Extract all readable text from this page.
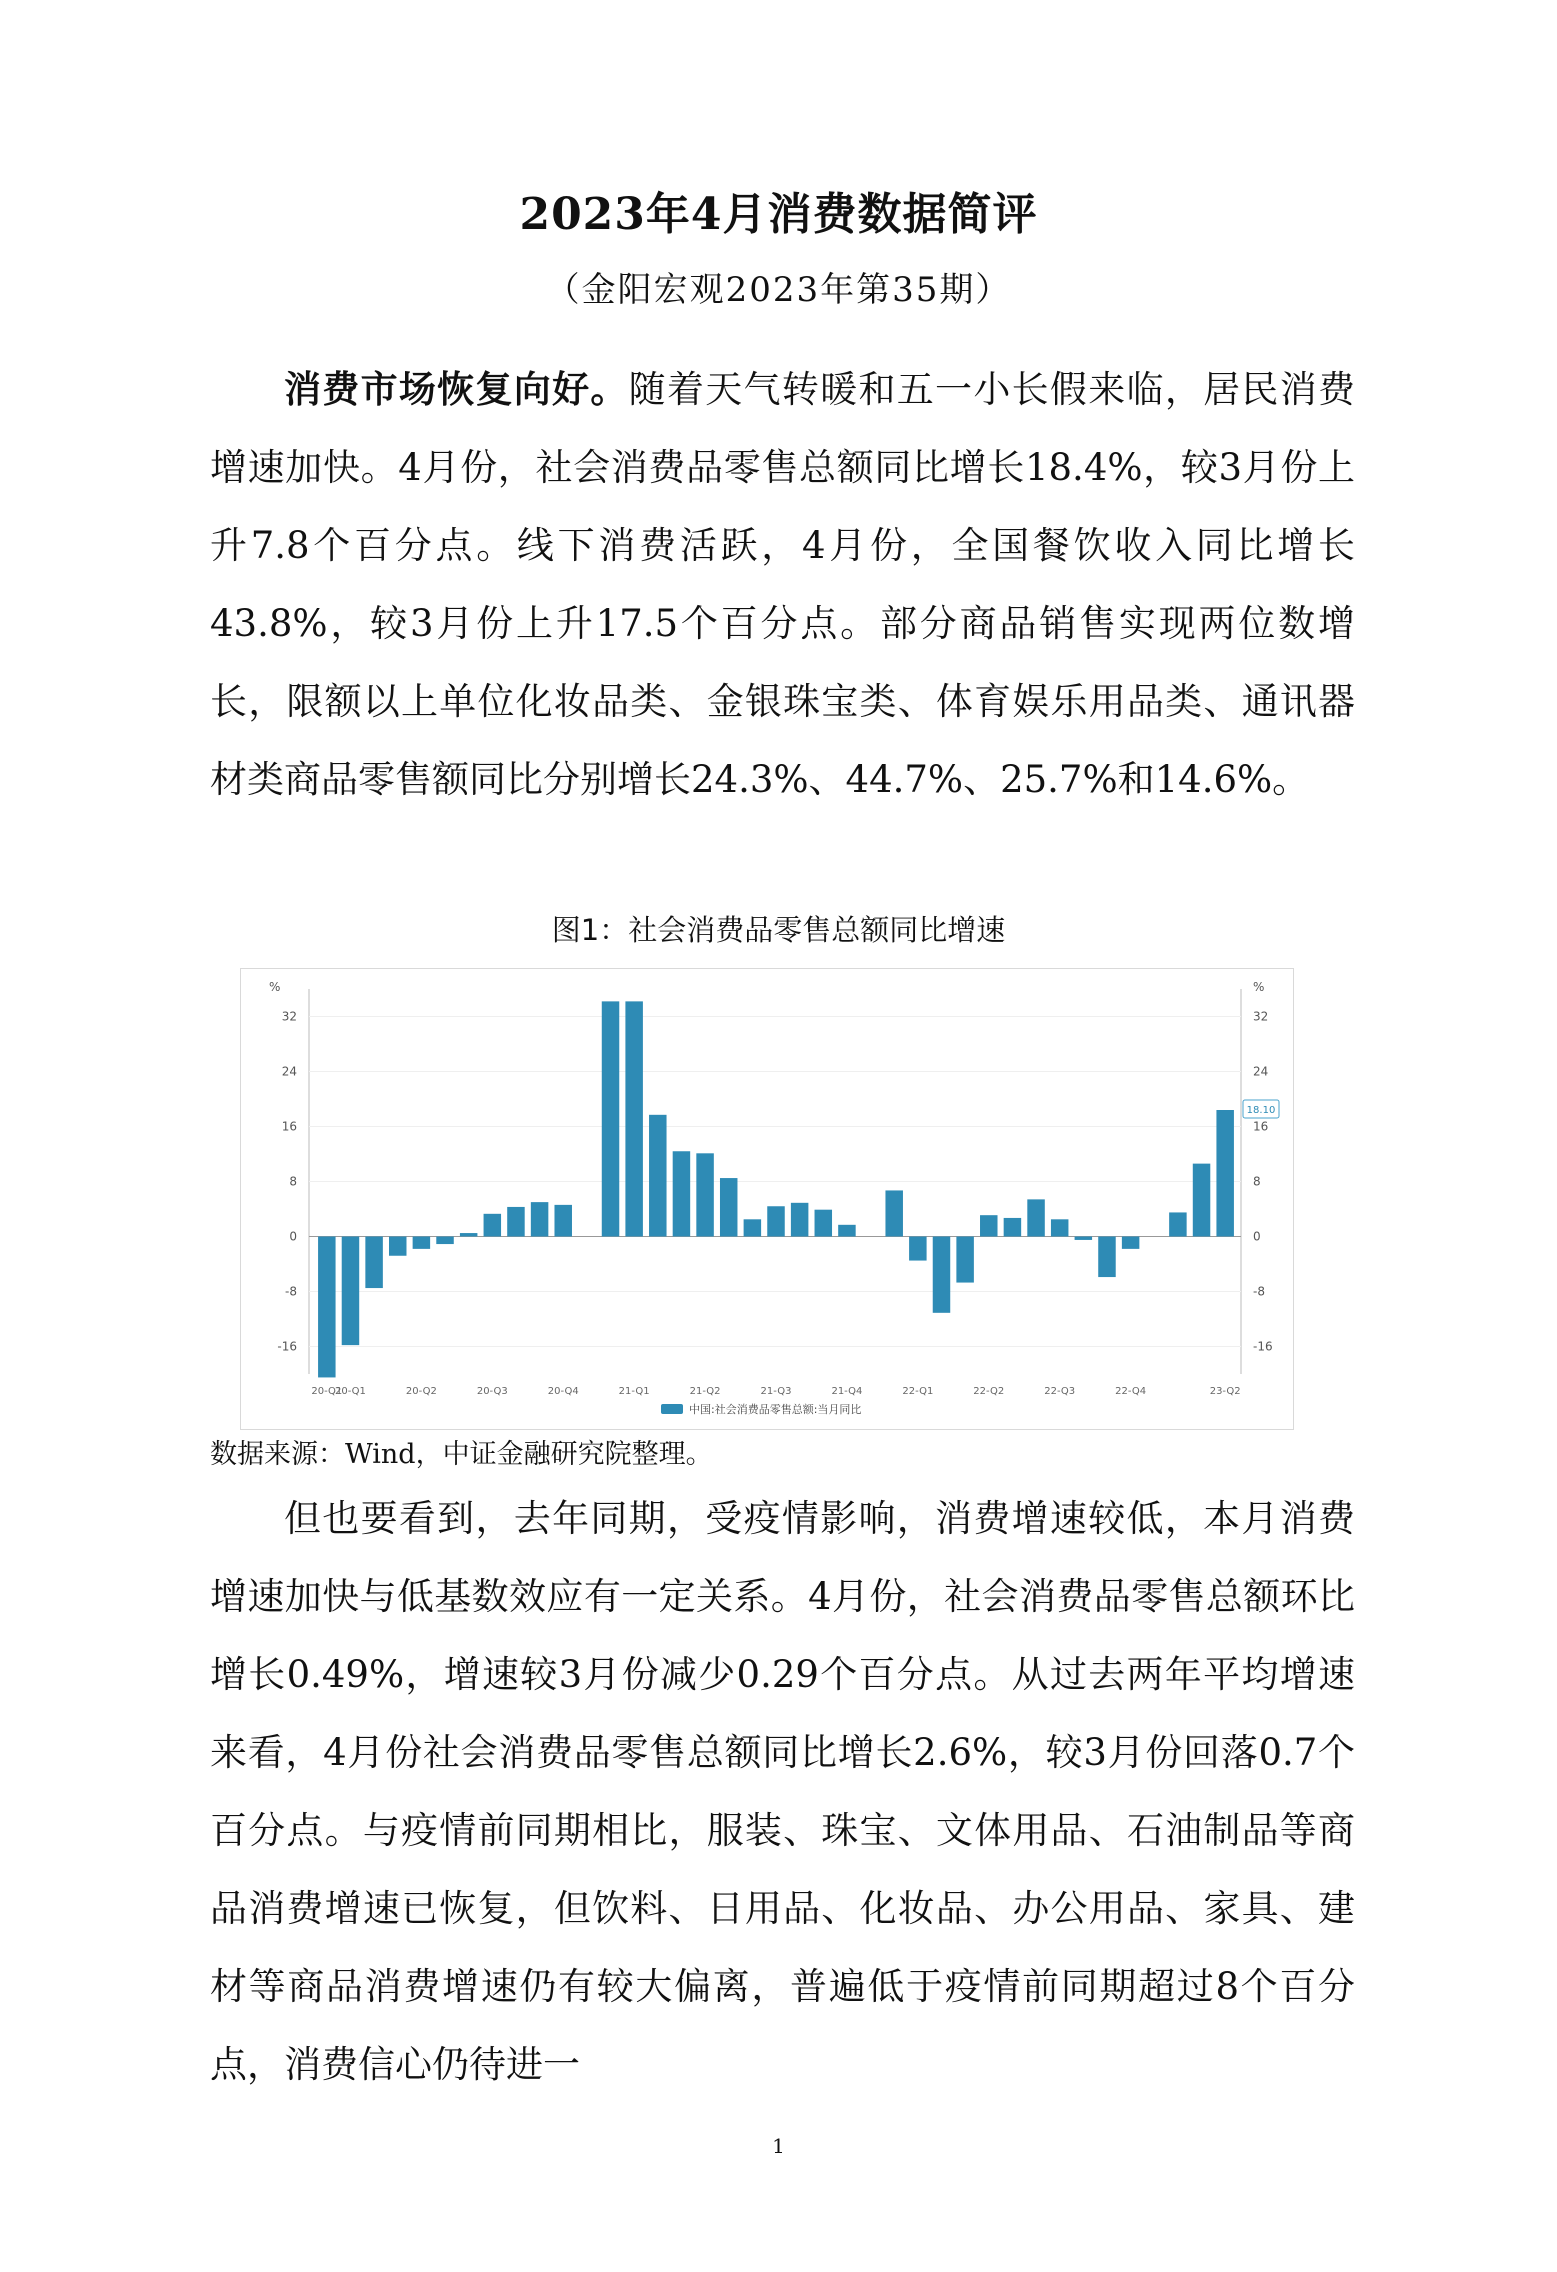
2023年4月消费数据简评
（金阳宏观2023年第35期）

消费市场恢复向好。随着天气转暖和五一小长假来临，居民消费增速加快。4月份，社会消费品零售总额同比增长18.4%，较3月份上升7.8个百分点。线下消费活跃，4月份，全国餐饮收入同比增长43.8%，较3月份上升17.5个百分点。部分商品销售实现两位数增长，限额以上单位化妆品类、金银珠宝类、体育娱乐用品类、通讯器材类商品零售额同比分别增长24.3%、44.7%、25.7%和14.6%。

图1：社会消费品零售总额同比增速
%
-16
-8
0
8
16
24
32
%
-16
-8
0
8
16
24
32
18.10
20-Q1
20-Q1	20-Q2	20-Q3	20-Q4	21-Q1	21-Q2	21-Q3	21-Q4	22-Q1	22-Q2	22-Q3	22-Q4	23-Q2
中国:社会消费品零售总额:当月同比
数据来源：Wind，中证金融研究院整理。

但也要看到，去年同期，受疫情影响，消费增速较低，本月消费增速加快与低基数效应有一定关系。4月份，社会消费品零售总额环比增长0.49%，增速较3月份减少0.29个百分点。从过去两年平均增速来看，4月份社会消费品零售总额同比增长2.6%，较3月份回落0.7个百分点。与疫情前同期相比，服装、珠宝、文体用品、石油制品等商品消费增速已恢复，但饮料、日用品、化妆品、办公用品、家具、建材等商品消费增速仍有较大偏离，普遍低于疫情前同期超过8个百分点，消费信心仍待进一

1
